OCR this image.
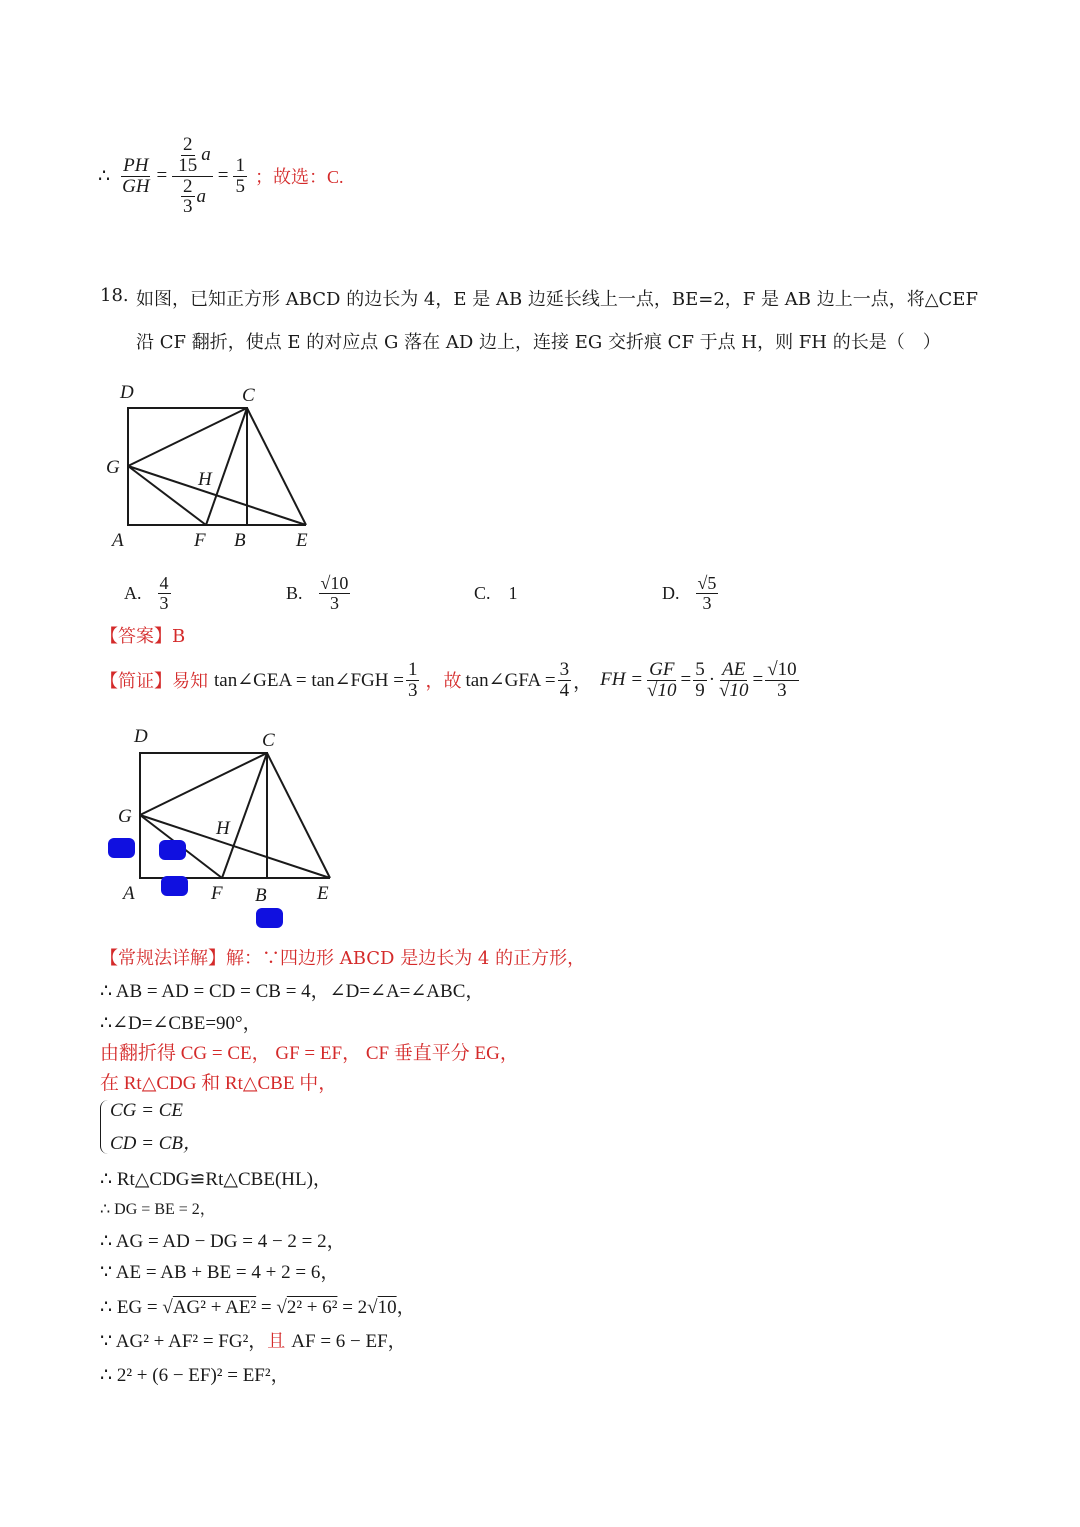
∴ $\frac{PH}{GH} = \frac{\frac{2}{15} a}{\frac{2}{3} a} = \frac{1}{5}$ ；故选：C.
18. 如图，已知正方形 ABCD 的边长为 4，E 是 AB 边延长线上一点，BE=2，F 是 AB 边上一点，将△CEF
沿 CF 翻折，使点 E 的对应点 G 落在 AD 边上，连接 EG 交折痕 CF 于点 H，则 FH 的长是（　）
D	C
G
H
A	F B	E
A. $\frac{4}{3}$	B. $\frac{√10}{3}$	C. 1	D. $\frac{√5}{3}$
【答案】B
【简证】 易知 tan∠GEA = tan∠FGH = $\frac{1}{3}$ ，故 tan∠GFA = $\frac{3}{4}$ ， FH = $\frac{GF}{√10} = \frac{5}{9} \cdot \frac{AE}{√10} = \frac{√10}{3}$
D	C
G
H
A	F B	E
【常规法详解】解：∵四边形 ABCD 是边长为 4 的正方形，
∴ AB = AD = CD = CB = 4，∠D=∠A=∠ABC，
∴∠D=∠CBE=90°，
由翻折得 CG = CE， GF = EF， CF 垂直平分 EG，
在 Rt△CDG 和 Rt△CBE 中，
CG = CE
CD = CB，
∴ Rt△CDG≌Rt△CBE(HL)，
∴ DG = BE = 2，
∴ AG = AD − DG = 4 − 2 = 2，
∵ AE = AB + BE = 4 + 2 = 6，
∴ EG = √AG² + AE² = √2² + 6² = 2√10，
∵ AG² + AF² = FG²，且 AF = 6 − EF，
∴ 2² + (6 − EF)² = EF²，
